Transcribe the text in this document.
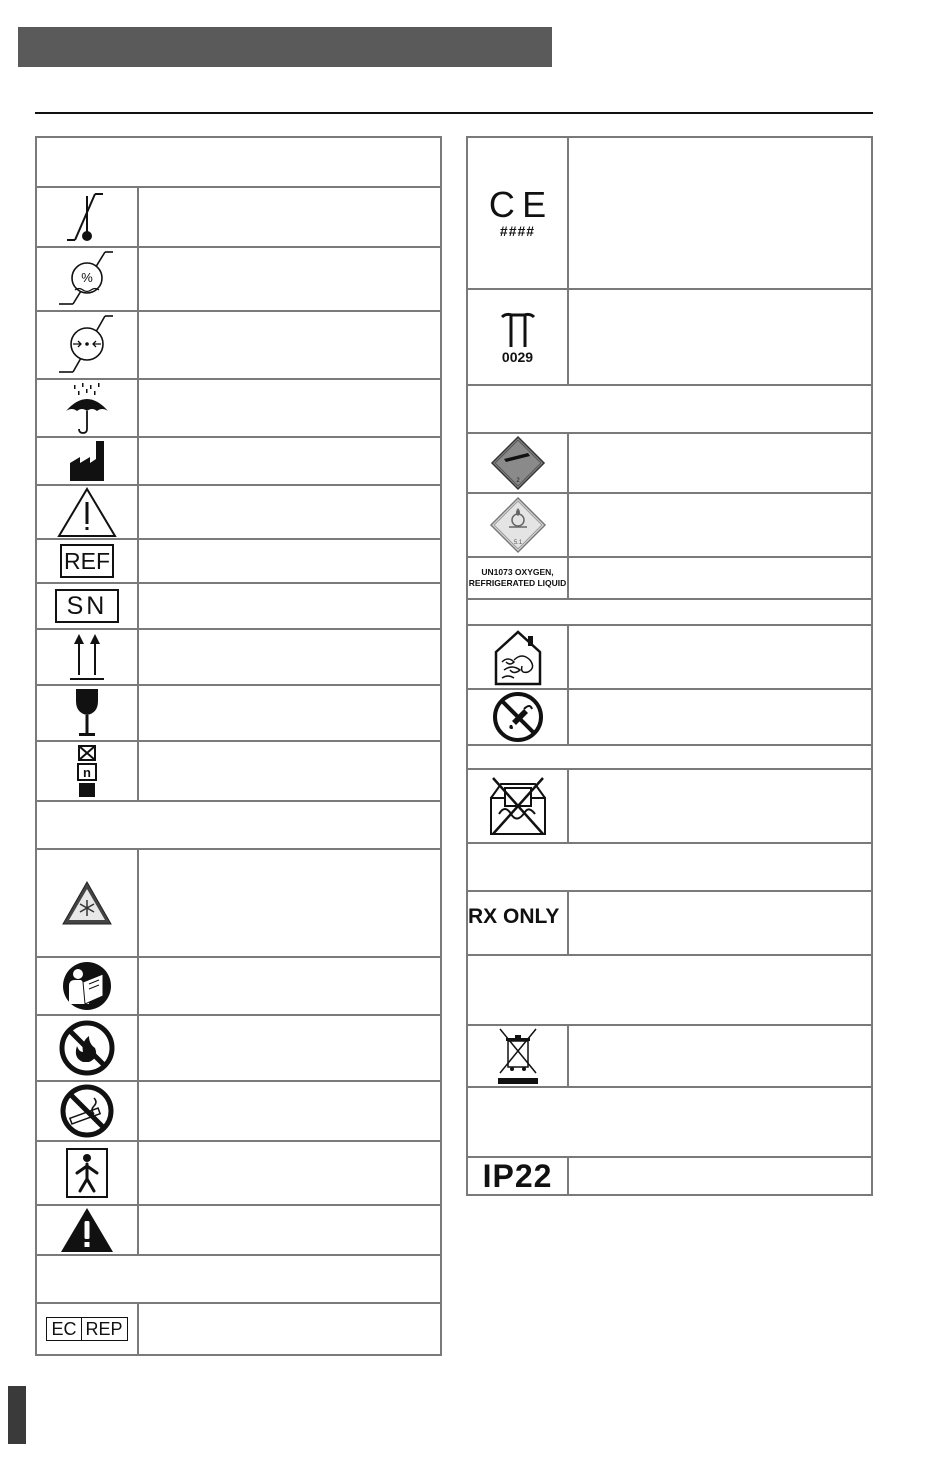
%
REF
SN
n
EC REP
C E
####
0029
2
5.1
UN1073 OXYGEN,
REFRIGERATED LIQUID
RX ONLY
IP22
